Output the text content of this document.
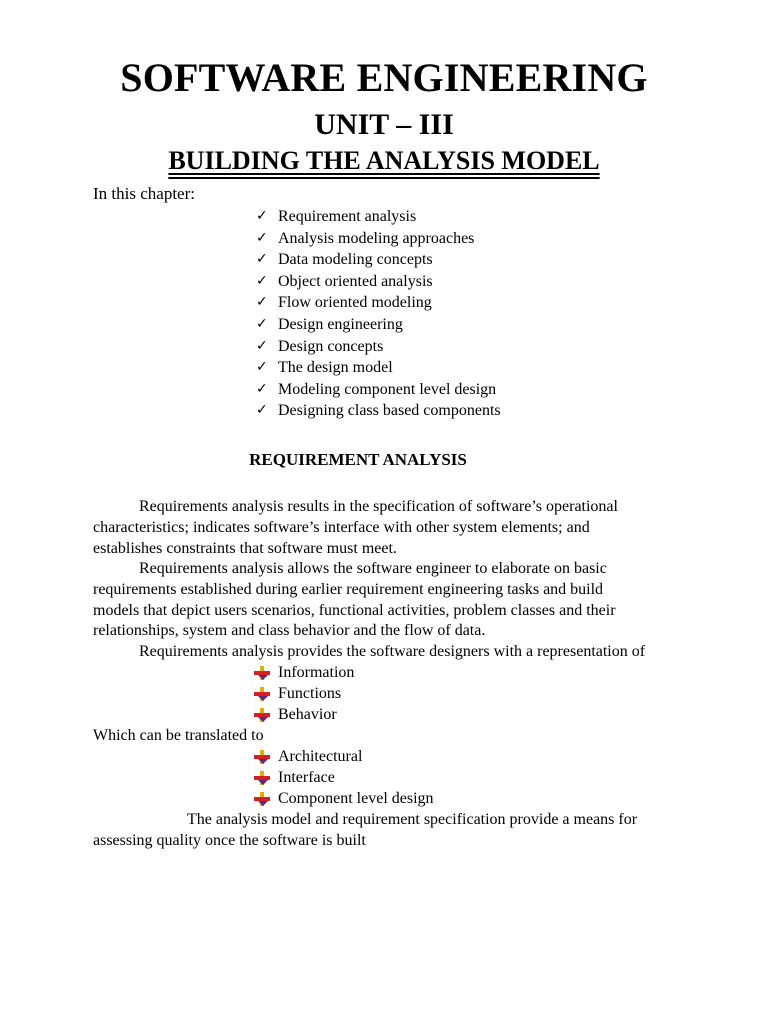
SOFTWARE ENGINEERING
UNIT – III
BUILDING THE ANALYSIS MODEL
In this chapter:
✓ Requirement analysis
✓ Analysis modeling approaches
✓ Data modeling concepts
✓ Object oriented analysis
✓ Flow oriented modeling
✓ Design engineering
✓ Design concepts
✓ The design model
✓ Modeling component level design
✓ Designing class based components
REQUIREMENT ANALYSIS

Requirements analysis results in the specification of software’s operational
characteristics; indicates software’s interface with other system elements; and
establishes constraints that software must meet.

Requirements analysis allows the software engineer to elaborate on basic
requirements established during earlier requirement engineering tasks and build
models that depict users scenarios, functional activities, problem classes and their
relationships, system and class behavior and the flow of data.

Requirements analysis provides the software designers with a representation of

Information
Functions
Behavior

Which can be translated to

Architectural
Interface
Component level design

The analysis model and requirement specification provide a means for
assessing quality once the software is built
